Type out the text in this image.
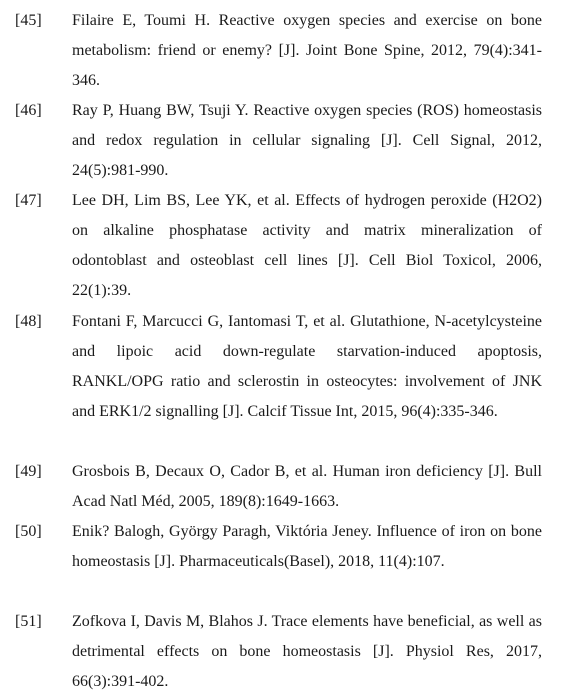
[45] Filaire E, Toumi H. Reactive oxygen species and exercise on bone metabolism: friend or enemy? [J]. Joint Bone Spine, 2012, 79(4):341-346.
[46] Ray P, Huang BW, Tsuji Y. Reactive oxygen species (ROS) homeostasis and redox regulation in cellular signaling [J]. Cell Signal, 2012, 24(5):981-990.
[47] Lee DH, Lim BS, Lee YK, et al. Effects of hydrogen peroxide (H2O2) on alkaline phosphatase activity and matrix mineralization of odontoblast and osteoblast cell lines [J]. Cell Biol Toxicol, 2006, 22(1):39.
[48] Fontani F, Marcucci G, Iantomasi T, et al. Glutathione, N-acetylcysteine and lipoic acid down-regulate starvation-induced apoptosis, RANKL/OPG ratio and sclerostin in osteocytes: involvement of JNK and ERK1/2 signalling [J]. Calcif Tissue Int, 2015, 96(4):335-346.
[49] Grosbois B, Decaux O, Cador B, et al. Human iron deficiency [J]. Bull Acad Natl Méd, 2005, 189(8):1649-1663.
[50] Enik? Balogh, György Paragh, Viktória Jeney. Influence of iron on bone homeostasis [J]. Pharmaceuticals(Basel), 2018, 11(4):107.
[51] Zofkova I, Davis M, Blahos J. Trace elements have beneficial, as well as detrimental effects on bone homeostasis [J]. Physiol Res, 2017, 66(3):391-402.
